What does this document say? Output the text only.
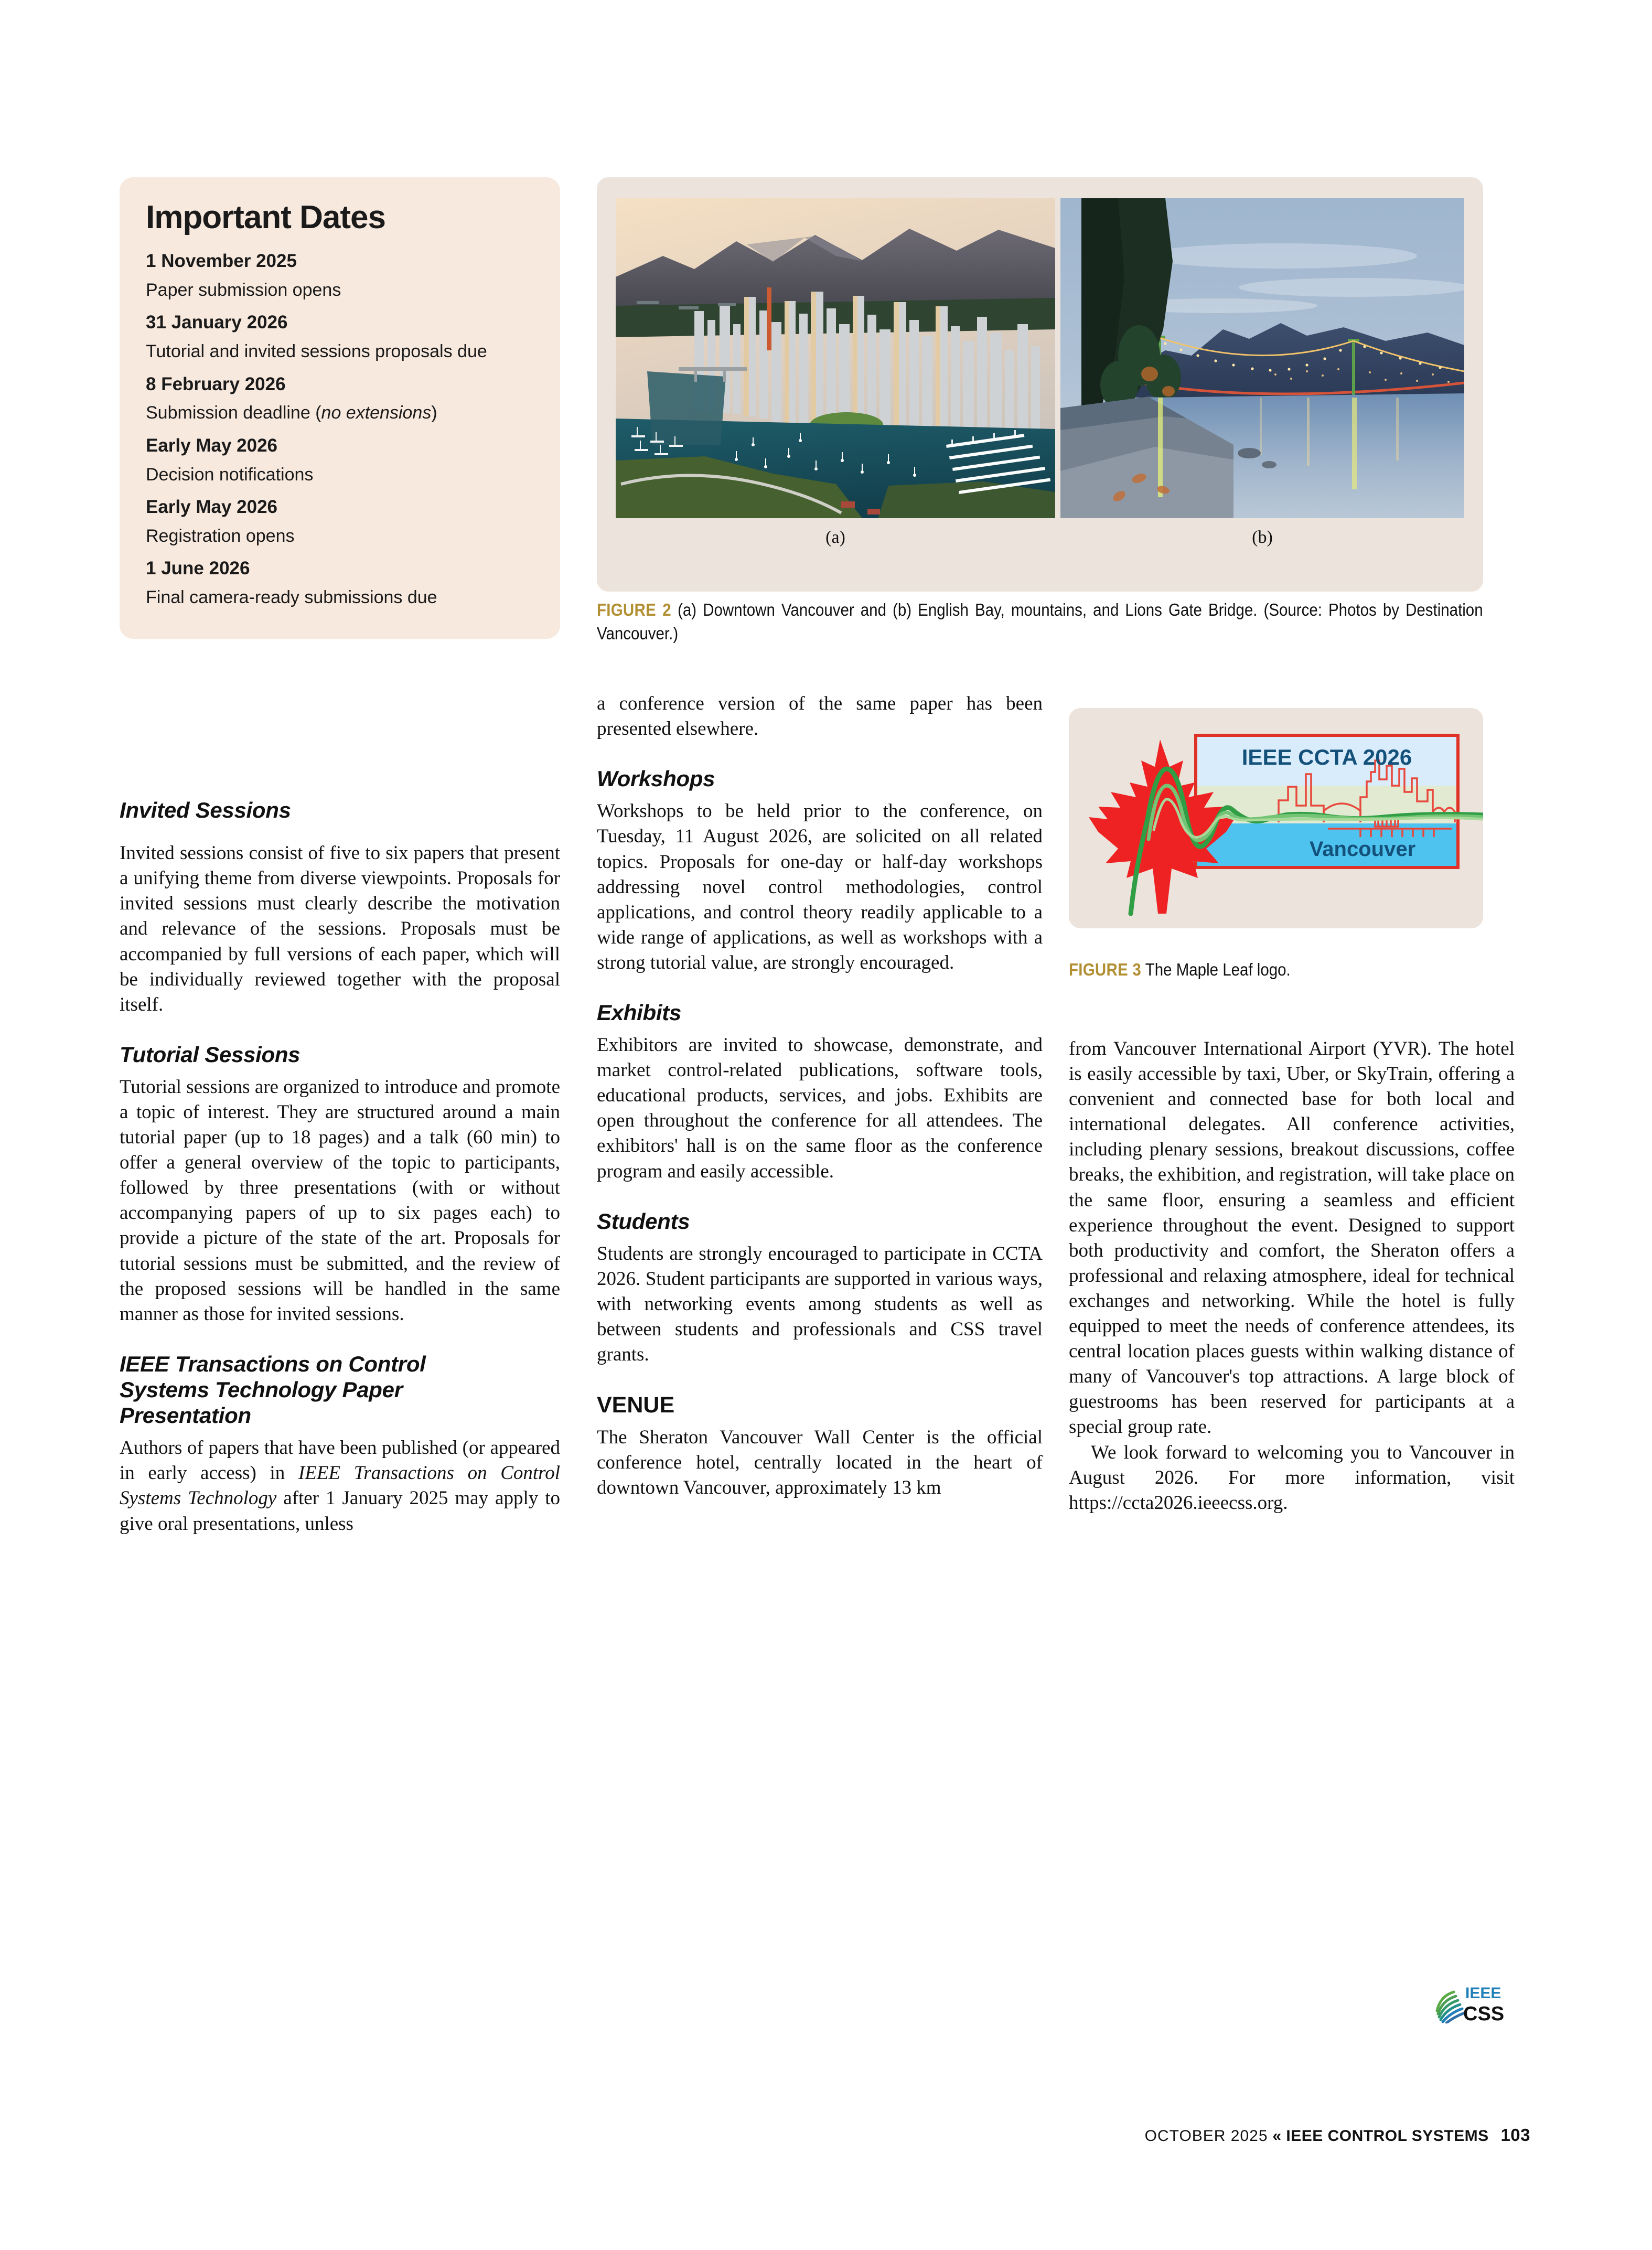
Important Dates
1 November 2025
Paper submission opens
31 January 2026
Tutorial and invited sessions proposals due
8 February 2026
Submission deadline (no extensions)
Early May 2026
Decision notifications
Early May 2026
Registration opens
1 June 2026
Final camera-ready submissions due
(a)	(b)
FIGURE 2 (a) Downtown Vancouver and (b) English Bay, mountains, and Lions Gate Bridge. (Source: Photos by Destination Vancouver.)
IEEE CCTA 2026
Vancouver
FIGURE 3 The Maple Leaf logo.
Invited Sessions

Invited sessions consist of five to six papers that present a unifying theme from diverse viewpoints. Proposals for invited sessions must clearly describe the motivation and relevance of the sessions. Proposals must be accompanied by full versions of each paper, which will be individually reviewed together with the proposal itself.

Tutorial Sessions

Tutorial sessions are organized to introduce and promote a topic of interest. They are structured around a main tutorial paper (up to 18 pages) and a talk (60 min) to offer a general overview of the topic to participants, followed by three presentations (with or without accompanying papers of up to six pages each) to provide a picture of the state of the art. Proposals for tutorial sessions must be submitted, and the review of the proposed sessions will be handled in the same manner as those for invited sessions.

IEEE Transactions on Control
Systems Technology Paper
Presentation

Authors of papers that have been published (or appeared in early access) in IEEE Transactions on Control Systems Technology after 1 January 2025 may apply to give oral presentations, unless

a conference version of the same paper has been presented elsewhere.

Workshops

Workshops to be held prior to the conference, on Tuesday, 11 August 2026, are solicited on all related topics. Proposals for one-day or half-day workshops addressing novel control methodologies, control applications, and control theory readily applicable to a wide range of applications, as well as workshops with a strong tutorial value, are strongly encouraged.

Exhibits

Exhibitors are invited to showcase, demonstrate, and market control-related publications, software tools, educational products, services, and jobs. Exhibits are open throughout the conference for all attendees. The exhibitors' hall is on the same floor as the conference program and easily accessible.

Students

Students are strongly encouraged to participate in CCTA 2026. Student participants are supported in various ways, with networking events among students as well as between students and professionals and CSS travel grants.

VENUE

The Sheraton Vancouver Wall Center is the official conference hotel, centrally located in the heart of downtown Vancouver, approximately 13 km

from Vancouver International Airport (YVR). The hotel is easily accessible by taxi, Uber, or SkyTrain, offering a convenient and connected base for both local and international delegates. All conference activities, including plenary sessions, breakout discussions, coffee breaks, the exhibition, and registration, will take place on the same floor, ensuring a seamless and efficient experience throughout the event. Designed to support both productivity and comfort, the Sheraton offers a professional and relaxing atmosphere, ideal for technical exchanges and networking. While the hotel is fully equipped to meet the needs of conference attendees, its central location places guests within walking distance of many of Vancouver's top attractions. A large block of guestrooms has been reserved for participants at a special group rate.

We look forward to welcoming you to Vancouver in August 2026. For more information, visit https://ccta2026.ieeecss.org.

IEEE
CSS
OCTOBER 2025 « IEEE CONTROL SYSTEMS 103
